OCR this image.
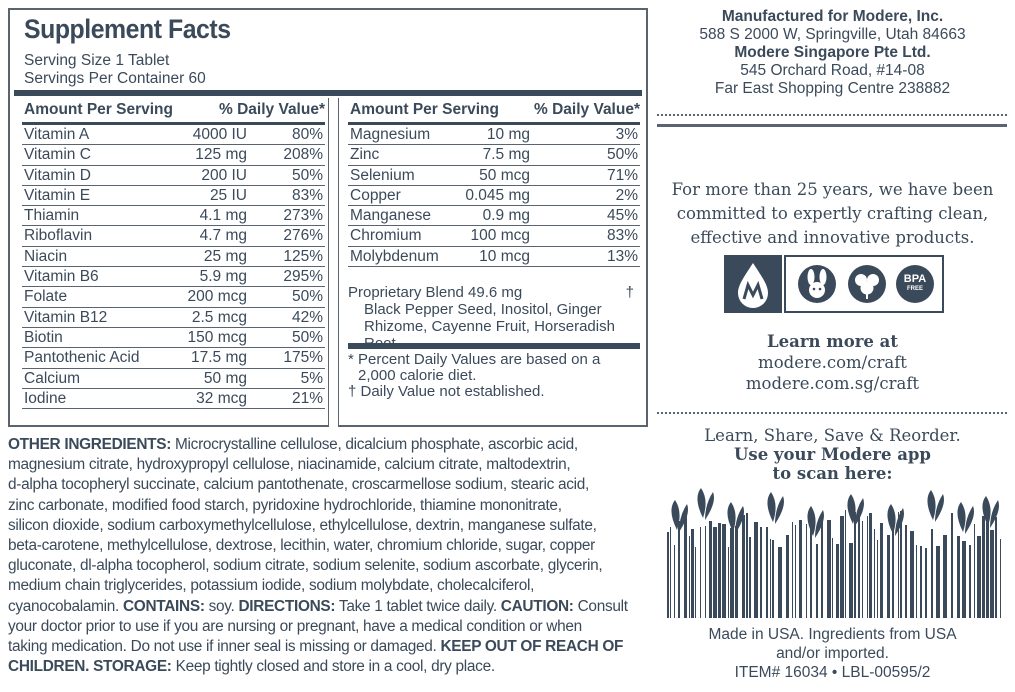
Supplement Facts
Serving Size 1 Tablet
Servings Per Container 60
Amount Per Serving	% Daily Value*
Vitamin A	4000 IU	80%
Vitamin C	125 mg 208%
Vitamin D	200 IU	50%
Vitamin E	25 IU	83%
Thiamin	4.1 mg 273%
Riboflavin	4.7 mg 276%
Niacin	25 mg 125%
Vitamin B6	5.9 mg 295%
Folate	200 mcg	50%
Vitamin B12	2.5 mcg	42%
Biotin	150 mcg	50%
Pantothenic Acid	17.5 mg 175%
Calcium	50 mg	5%
Iodine	32 mcg	21%
Amount Per Serving % Daily Value*
Magnesium	10 mg	3%
Zinc	7.5 mg	50%
Selenium	50 mcg	71%
Copper	0.045 mg	2%
Manganese	0.9 mg	45%
Chromium	100 mcg	83%
Molybdenum	10 mcg	13%
Proprietary Blend 49.6 mg	†
Black Pepper Seed, Inositol, Ginger
Rhizome, Cayenne Fruit, Horseradish
* Percent Daily Values are based on a
2,000 calorie diet.
† Daily Value not established.
OTHER INGREDIENTS: Microcrystalline cellulose, dicalcium phosphate, ascorbic acid,
magnesium citrate, hydroxypropyl cellulose, niacinamide, calcium citrate, maltodextrin,
d-alpha tocopheryl succinate, calcium pantothenate, croscarmellose sodium, stearic acid,
zinc carbonate, modified food starch, pyridoxine hydrochloride, thiamine mononitrate,
silicon dioxide, sodium carboxymethylcellulose, ethylcellulose, dextrin, manganese sulfate,
beta-carotene, methylcellulose, dextrose, lecithin, water, chromium chloride, sugar, copper
gluconate, dl-alpha tocopherol, sodium citrate, sodium selenite, sodium ascorbate, glycerin,
medium chain triglycerides, potassium iodide, sodium molybdate, cholecalciferol,
cyanocobalamin. CONTAINS: soy. DIRECTIONS: Take 1 tablet twice daily. CAUTION: Consult
your doctor prior to use if you are nursing or pregnant, have a medical condition or when
taking medication. Do not use if inner seal is missing or damaged. KEEP OUT OF REACH OF
CHILDREN. STORAGE: Keep tightly closed and store in a cool, dry place.
Manufactured for Modere, Inc.
588 S 2000 W, Springville, Utah 84663
Modere Singapore Pte Ltd.
545 Orchard Road, #14-08
Far East Shopping Centre 238882
For more than 25 years, we have been
committed to expertly crafting clean,
effective and innovative products.
BPA
FREE
Learn more at
modere.com/craft
modere.com.sg/craft
Learn, Share, Save & Reorder.
Use your Modere app
to scan here:
Made in USA. Ingredients from USA
and/or imported.
ITEM# 16034 • LBL-00595/2
